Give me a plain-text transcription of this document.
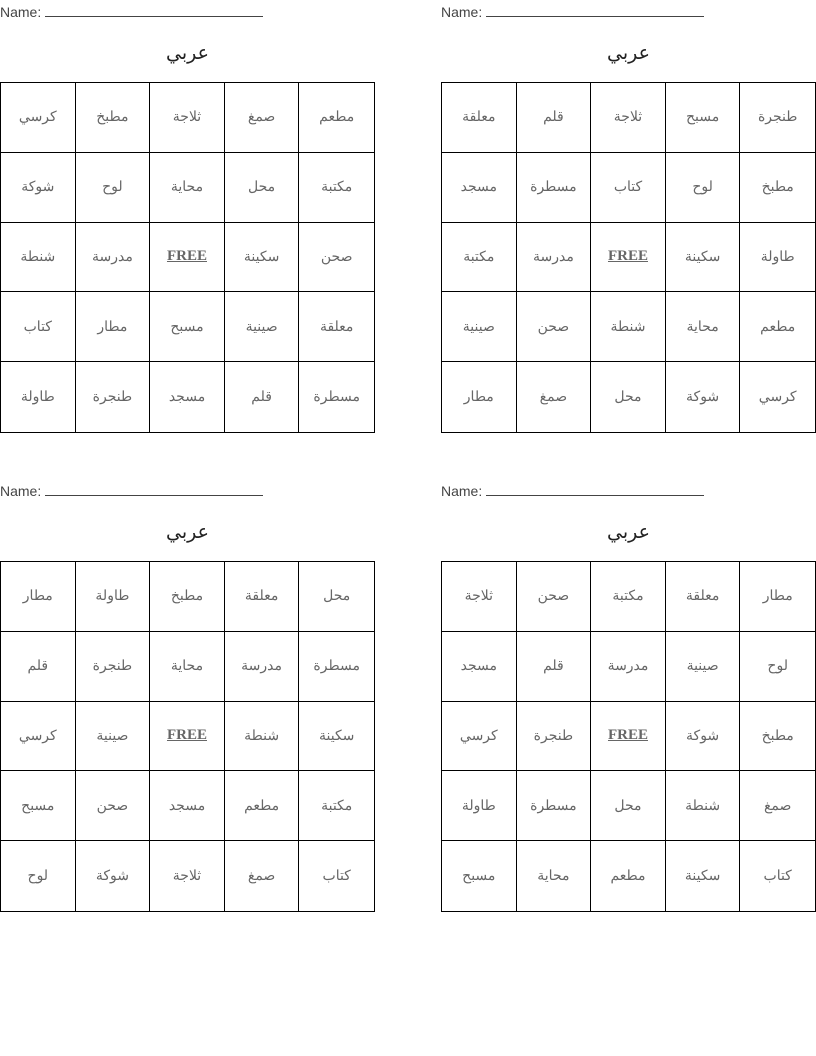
Name:
عربي
كرسي	مطبخ	ثلاجة	صمغ	مطعم
شوكة	لوح	محاية	محل	مكتبة
شنطة	مدرسة	FREE	سكينة	صحن
كتاب	مطار	مسبح	صينية	معلقة
طاولة	طنجرة	مسجد	قلم	مسطرة
Name:
عربي
معلقة	قلم	ثلاجة	مسبح	طنجرة
مسجد	مسطرة	كتاب	لوح	مطبخ
مكتبة	مدرسة	FREE	سكينة	طاولة
صينية	صحن	شنطة	محاية	مطعم
مطار	صمغ	محل	شوكة	كرسي
Name:
عربي
مطار	طاولة	مطبخ	معلقة	محل
قلم	طنجرة	محاية	مدرسة	مسطرة
كرسي	صينية	FREE	شنطة	سكينة
مسبح	صحن	مسجد	مطعم	مكتبة
لوح	شوكة	ثلاجة	صمغ	كتاب
Name:
عربي
ثلاجة	صحن	مكتبة	معلقة	مطار
مسجد	قلم	مدرسة	صينية	لوح
كرسي	طنجرة	FREE	شوكة	مطبخ
طاولة	مسطرة	محل	شنطة	صمغ
مسبح	محاية	مطعم	سكينة	كتاب
